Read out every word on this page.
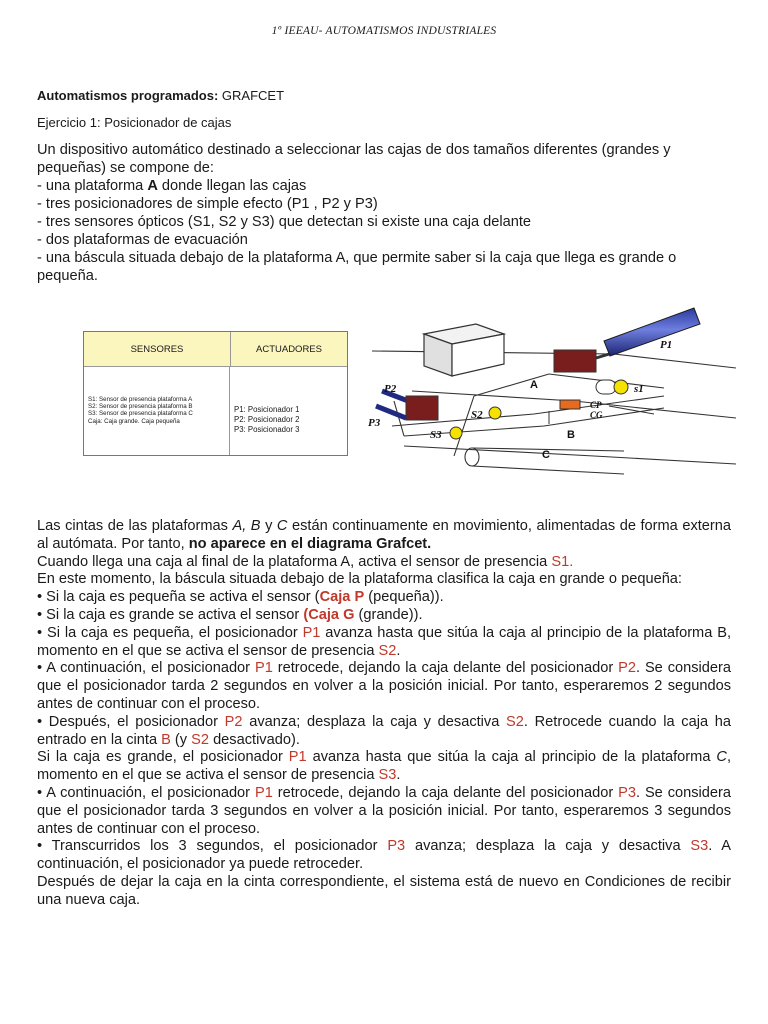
1º IEEAU- AUTOMATISMOS INDUSTRIALES
Automatismos programados: GRAFCET
Ejercicio 1: Posicionador de cajas

Un dispositivo automático destinado a seleccionar las cajas de dos tamaños diferentes (grandes y pequeñas) se compone de:

- una plataforma A donde llegan las cajas

- tres posicionadores de simple efecto (P1 , P2 y P3)

- tres sensores ópticos (S1, S2 y S3) que detectan si existe una caja delante

- dos plataformas de evacuación

- una báscula situada debajo de la plataforma A, que permite saber si la caja que llega es grande o pequeña.

SENSORES	ACTUADORES
S1: Sensor de presencia plataforma A
S2: Sensor de presencia plataforma B
S3: Sensor de presencia plataforma C
Caja: Caja grande. Caja pequeña
P1: Posicionador 1
P2: Posicionador 2
P3: Posicionador 3
P1
P2
P3
s1
S2
S3
CP
CG
A
B
C

Las cintas de las plataformas A, B y C están continuamente en movimiento, alimentadas de forma externa al autómata. Por tanto, no aparece en el diagrama Grafcet.

Cuando llega una caja al final de la plataforma A, activa el sensor de presencia S1.

En este momento, la báscula situada debajo de la plataforma clasifica la caja en grande o pequeña:

• Si la caja es pequeña se activa el sensor (Caja P (pequeña)).

• Si la caja es grande se activa el sensor (Caja G (grande)).

• Si la caja es pequeña, el posicionador P1 avanza hasta que sitúa la caja al principio de la plataforma B, momento en el que se activa el sensor de presencia S2.

• A continuación, el posicionador P1 retrocede, dejando la caja delante del posicionador P2. Se considera que el posicionador tarda 2 segundos en volver a la posición inicial. Por tanto, esperaremos 2 segundos antes de continuar con el proceso.

• Después, el posicionador P2 avanza; desplaza la caja y desactiva S2. Retrocede cuando la caja ha entrado en la cinta B (y S2 desactivado).

Si la caja es grande, el posicionador P1 avanza hasta que sitúa la caja al principio de la plataforma C, momento en el que se activa el sensor de presencia S3.

• A continuación, el posicionador P1 retrocede, dejando la caja delante del posicionador P3. Se considera que el posicionador tarda 3 segundos en volver a la posición inicial. Por tanto, esperaremos 3 segundos antes de continuar con el proceso.

• Transcurridos los 3 segundos, el posicionador P3 avanza; desplaza la caja y desactiva S3. A continuación, el posicionador ya puede retroceder.

Después de dejar la caja en la cinta correspondiente, el sistema está de nuevo en Condiciones de recibir una nueva caja.
